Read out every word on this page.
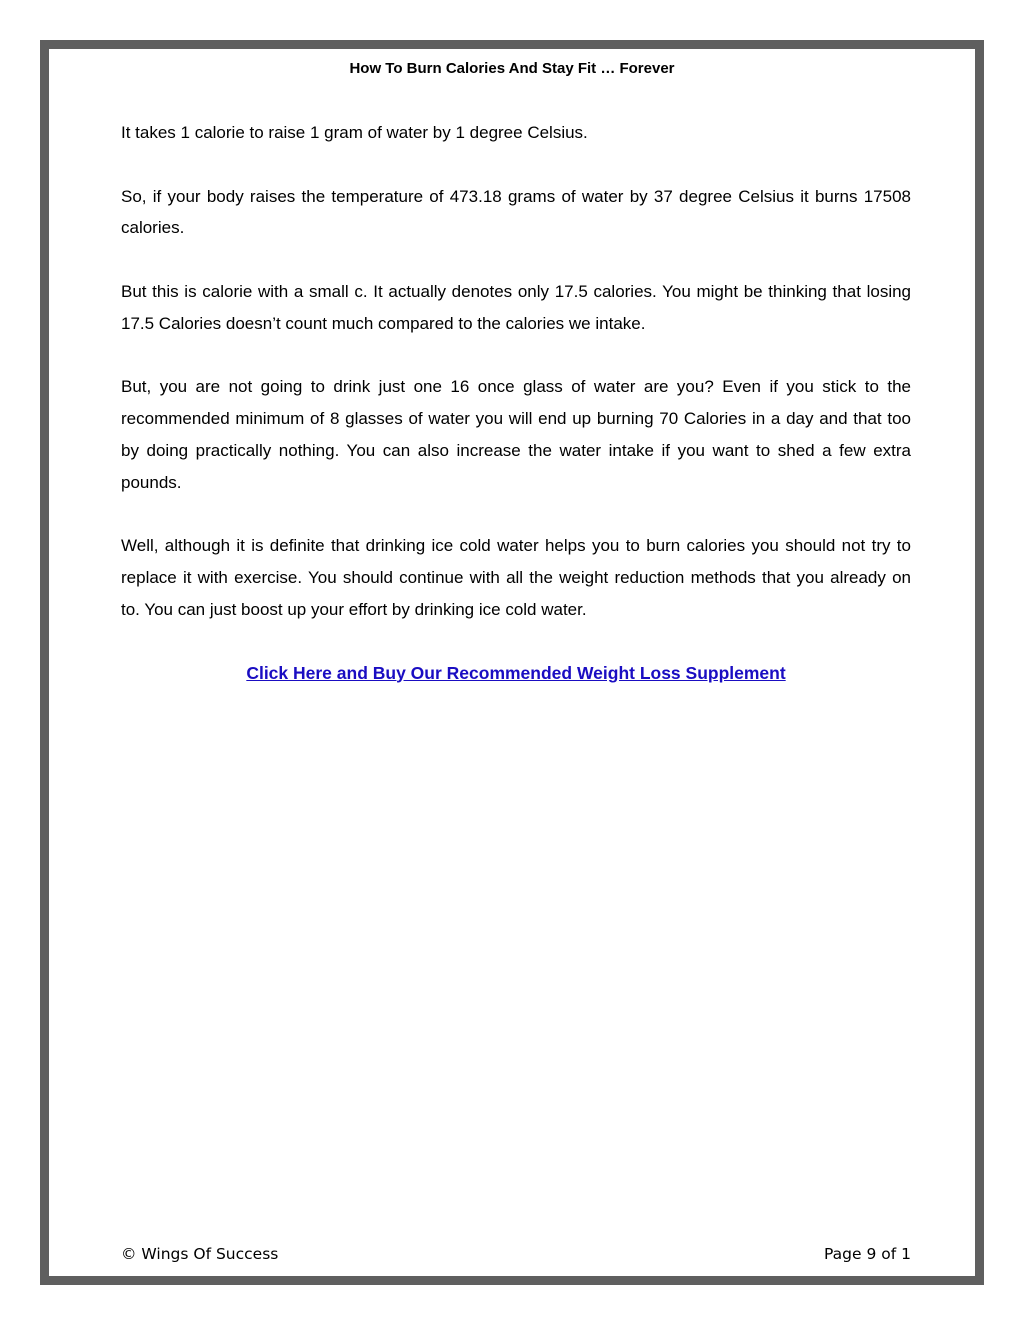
How To Burn Calories And Stay Fit … Forever

It takes 1 calorie to raise 1 gram of water by 1 degree Celsius.

So, if your body raises the temperature of 473.18 grams of water by 37 degree Celsius it burns 17508 calories.

But this is calorie with a small c. It actually denotes only 17.5 calories. You might be thinking that losing 17.5 Calories doesn’t count much compared to the calories we intake.

But, you are not going to drink just one 16 once glass of water are you? Even if you stick to the recommended minimum of 8 glasses of water you will end up burning 70 Calories in a day and that too by doing practically nothing. You can also increase the water intake if you want to shed a few extra pounds.

Well, although it is definite that drinking ice cold water helps you to burn calories you should not try to replace it with exercise. You should continue with all the weight reduction methods that you already on to. You can just boost up your effort by drinking ice cold water.

Click Here and Buy Our Recommended Weight Loss Supplement

© Wings Of Success	Page 9 of 1
